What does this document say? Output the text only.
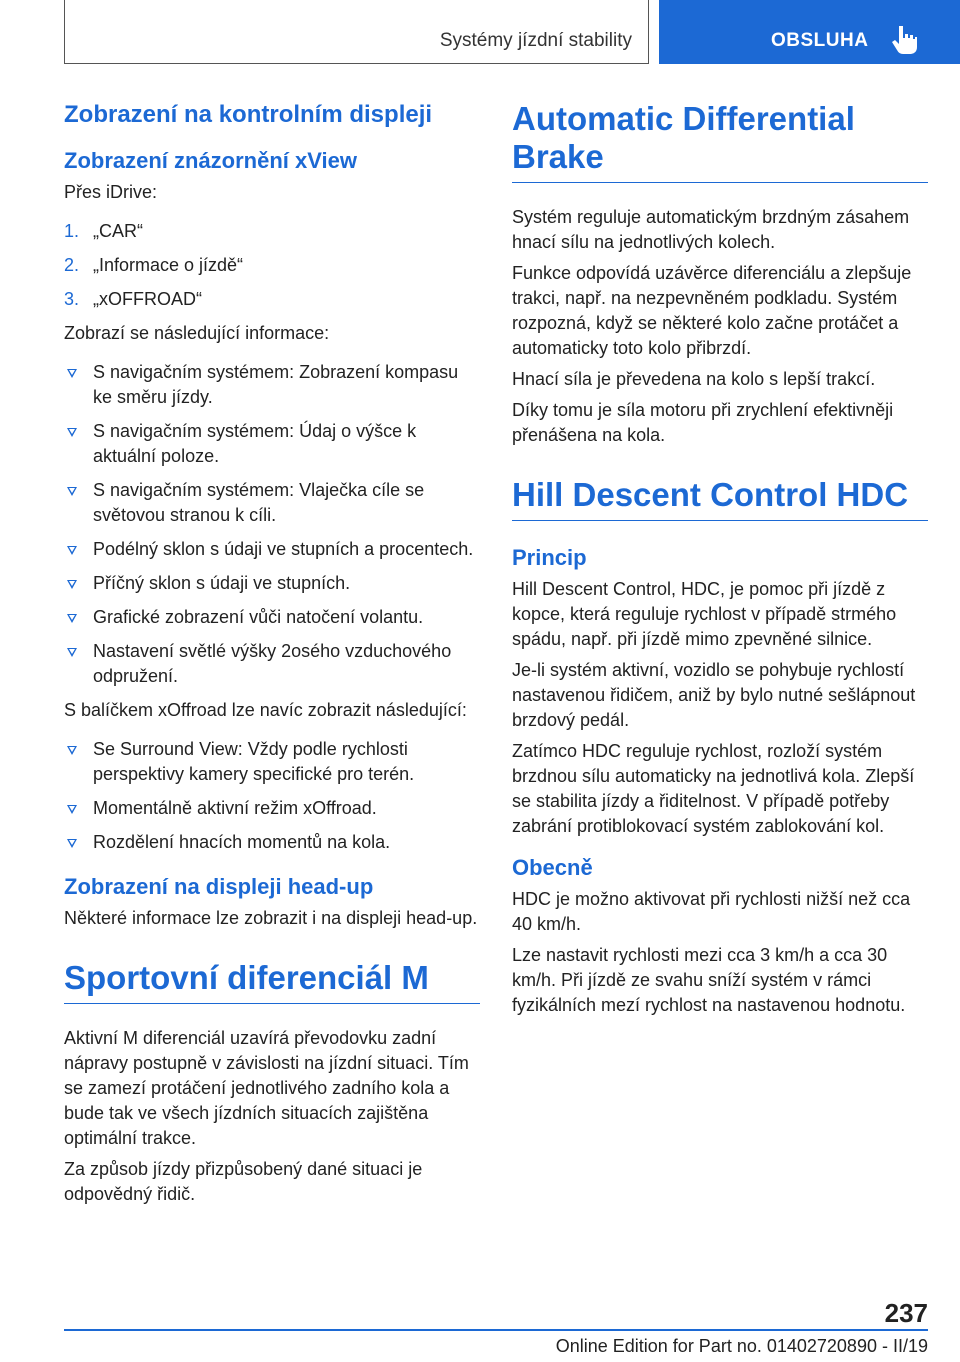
Systémy jízdní stability	OBSLUHA
Zobrazení na kontrolním displeji
Zobrazení znázornění xView

Přes iDrive:

1. „CAR“
2. „Informace o jízdě“
3. „xOFFROAD“

Zobrazí se následující informace:

S navigačním systémem: Zobrazení kompasu ke směru jízdy.
S navigačním systémem: Údaj o výšce k aktuální poloze.
S navigačním systémem: Vlaječka cíle se světovou stranou k cíli.
Podélný sklon s údaji ve stupních a procentech.
Příčný sklon s údaji ve stupních.
Grafické zobrazení vůči natočení volantu.
Nastavení světlé výšky 2osého vzduchového odpružení.

S balíčkem xOffroad lze navíc zobrazit následující:

Se Surround View: Vždy podle rychlosti perspektivy kamery specifické pro terén.
Momentálně aktivní režim xOffroad.
Rozdělení hnacích momentů na kola.
Zobrazení na displeji head-up

Některé informace lze zobrazit i na displeji head-up.

Sportovní diferenciál M

Aktivní M diferenciál uzavírá převodovku zadní nápravy postupně v závislosti na jízdní situaci. Tím se zamezí protáčení jednotlivého zadního kola a bude tak ve všech jízdních situacích zajištěna optimální trakce.

Za způsob jízdy přizpůsobený dané situaci je odpovědný řidič.

Automatic Differential Brake

Systém reguluje automatickým brzdným zásahem hnací sílu na jednotlivých kolech.

Funkce odpovídá uzávěrce diferenciálu a zlepšuje trakci, např. na nezpevněném podkladu. Systém rozpozná, když se některé kolo začne protáčet a automaticky toto kolo přibrzdí.

Hnací síla je převedena na kolo s lepší trakcí.

Díky tomu je síla motoru při zrychlení efektivněji přenášena na kola.

Hill Descent Control HDC
Princip

Hill Descent Control, HDC, je pomoc při jízdě z kopce, která reguluje rychlost v případě strmého spádu, např. při jízdě mimo zpevněné silnice.

Je-li systém aktivní, vozidlo se pohybuje rychlostí nastavenou řidičem, aniž by bylo nutné sešlápnout brzdový pedál.

Zatímco HDC reguluje rychlost, rozloží systém brzdnou sílu automaticky na jednotlivá kola. Zlepší se stabilita jízdy a řiditelnost. V případě potřeby zabrání protiblokovací systém zablokování kol.

Obecně

HDC je možno aktivovat při rychlosti nižší než cca 40 km/h.

Lze nastavit rychlosti mezi cca 3 km/h a cca 30 km/h. Při jízdě ze svahu sníží systém v rámci fyzikálních mezí rychlost na nastavenou hodnotu.

237
Online Edition for Part no. 01402720890 - II/19
